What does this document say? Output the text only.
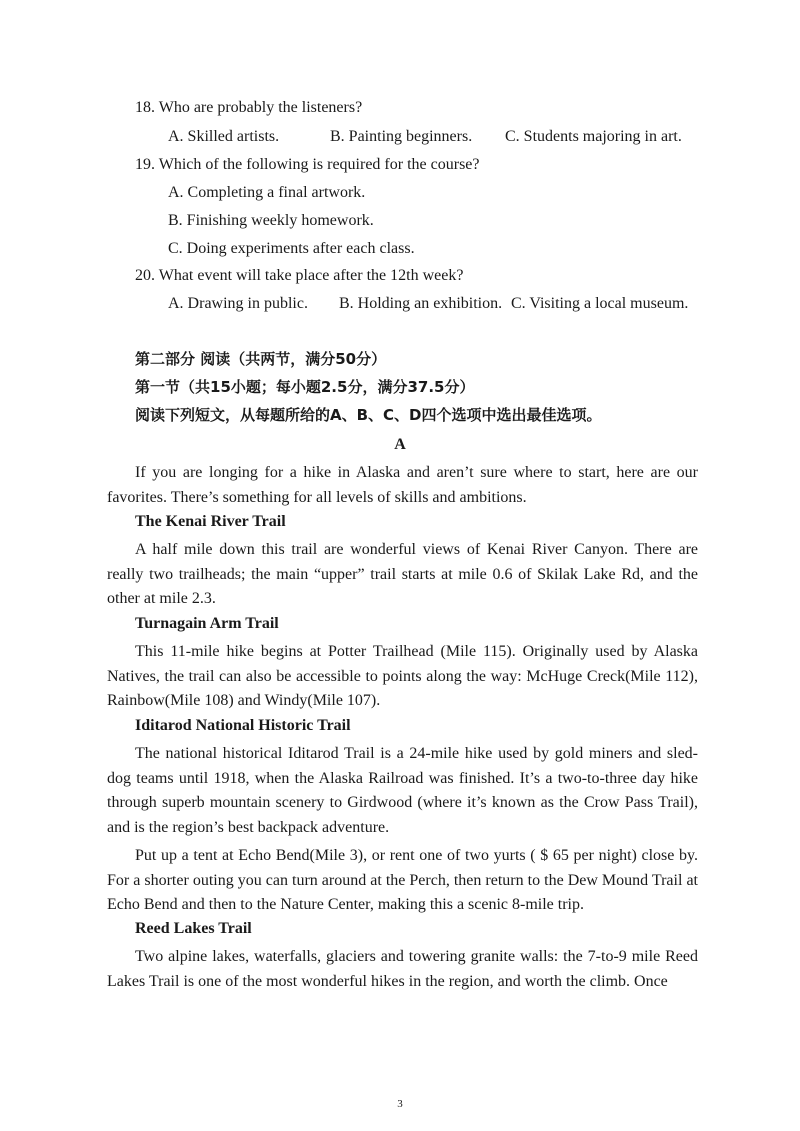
18. Who are probably the listeners?
A. Skilled artists.	B. Painting beginners.	C. Students majoring in art.
19. Which of the following is required for the course?
A. Completing a final artwork.
B. Finishing weekly homework.
C. Doing experiments after each class.
20. What event will take place after the 12th week?
A. Drawing in public.	B. Holding an exhibition. C. Visiting a local museum.
第二部分 阅读（共两节，满分50分）
第一节（共15小题；每小题2.5分，满分37.5分）
阅读下列短文，从每题所给的A、B、C、D四个选项中选出最佳选项。
A
If you are longing for a hike in Alaska and aren’t sure where to start, here are our favorites. There’s something for all levels of skills and ambitions.
The Kenai River Trail
A half mile down this trail are wonderful views of Kenai River Canyon. There are really two trailheads; the main “upper” trail starts at mile 0.6 of Skilak Lake Rd, and the other at mile 2.3.
Turnagain Arm Trail
This 11-mile hike begins at Potter Trailhead (Mile 115). Originally used by Alaska Natives, the trail can also be accessible to points along the way: McHuge Creck(Mile 112), Rainbow(Mile 108) and Windy(Mile 107).
Iditarod National Historic Trail
The national historical Iditarod Trail is a 24-mile hike used by gold miners and sled-dog teams until 1918, when the Alaska Railroad was finished. It’s a two-to-three day hike through superb mountain scenery to Girdwood (where it’s known as the Crow Pass Trail), and is the region’s best backpack adventure.
Put up a tent at Echo Bend(Mile 3), or rent one of two yurts ( $ 65 per night) close by. For a shorter outing you can turn around at the Perch, then return to the Dew Mound Trail at Echo Bend and then to the Nature Center, making this a scenic 8-mile trip.
Reed Lakes Trail
Two alpine lakes, waterfalls, glaciers and towering granite walls: the 7-to-9 mile Reed Lakes Trail is one of the most wonderful hikes in the region, and worth the climb. Once
3
